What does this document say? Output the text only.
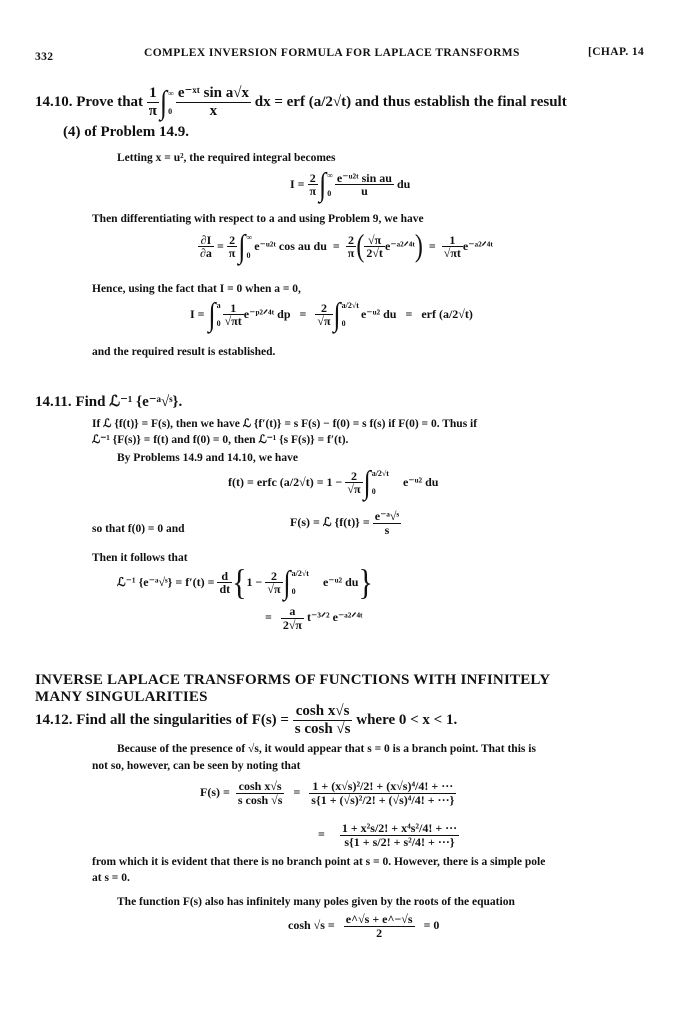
332	COMPLEX INVERSION FORMULA FOR LAPLACE TRANSFORMS	[CHAP. 14
14.10. Prove that $\frac{1}{\pi}$ ∫ ∞
$0 \frac{\text{e⁻ˣᵗ sin a√x}}{x}$ dx = erf (a/2√t) and thus establish the final result
(4) of Problem 14.9.
Letting x = u², the required integral becomes
$I = \frac{2}{\pi}$ ∫ ∞
$0 \frac{\text{e⁻ᵘ²ᵗ sin au}}{u}$ du
Then differentiating with respect to a and using Problem 9, we have
$\frac{\partial I}{\partial a} = \frac{2}{\pi}$ ∫ ∞
0
e⁻ᵘ²ᵗ cos au du = $\frac{2}{\pi}$ ( $\frac{√\pi}{2√t}$ e⁻ᵃ²ᐟ⁴ᵗ) = $\frac{1}{√\pi t}$ e⁻ᵃ²ᐟ⁴ᵗ
Hence, using the fact that I = 0 when a = 0,
I = ∫ a
$0 \frac{1}{√\pi t}$ e⁻ᵖ²ᐟ⁴ᵗ dp = $\frac{2}{√\pi}$ ∫ a/2√t
0
e⁻ᵘ² du = erf (a/2√t)
and the required result is established.
14.11. Find ℒ⁻¹ {e⁻ᵃ√ˢ}.
If ℒ {f(t)} = F(s), then we have ℒ {f′(t)} = s F(s) − f(0) = s f(s) if F(0) = 0. Thus if
ℒ⁻¹ {F(s)} = f(t) and f(0) = 0, then ℒ⁻¹ {s F(s)} = f′(t).
By Problems 14.9 and 14.10, we have
f(t) = erfc $(a/2√t) = 1 - \frac{2}{√\pi}$ ∫ a/2√t
0
e⁻ᵘ² du
so that f(0) = 0 and	F(s) = ℒ $\{f(t)\} = \frac{\text{e⁻ᵃ√ˢ}}{s}$
Then it follows that
ℒ⁻¹ {e⁻ᵃ√ˢ} = $f'(t) = \frac{d}{dt} \{1 - \frac{2}{√\pi}$ ∫ a/2√t
0
e⁻ᵘ² du}
= $\frac{a}{2√\pi}$ t⁻³ᐟ² e⁻ᵃ²ᐟ⁴ᵗ
INVERSE LAPLACE TRANSFORMS OF FUNCTIONS WITH INFINITELY
MANY SINGULARITIES
14.12. Find all the singularities of $F(s) = \frac{\text{cosh x√s}}{\text{s cosh √s}}$ where 0 < x < 1.
Because of the presence of √s, it would appear that s = 0 is a branch point. That this is
not so, however, can be seen by noting that
$F(s) = \frac{\text{cosh x√s}}{\text{s cosh √s}} = \frac{\text{1 + (x√s)²/2! + (x√s)⁴/4! + ···}}{\text{s\{1 + (√s)²/2! + (√s)⁴/4! + ···\}}}$
= $\frac{\text{1 + x²s/2! + x⁴s²/4! + ···}}{\text{s\{1 + s/2! + s²/4! + ···\}}}$
from which it is evident that there is no branch point at s = 0. However, there is a simple pole
at s = 0.
The function F(s) also has infinitely many poles given by the roots of the equation
$\cosh √s = \frac{e\^{}√s + e\^{}-√s}{2} = 0$
